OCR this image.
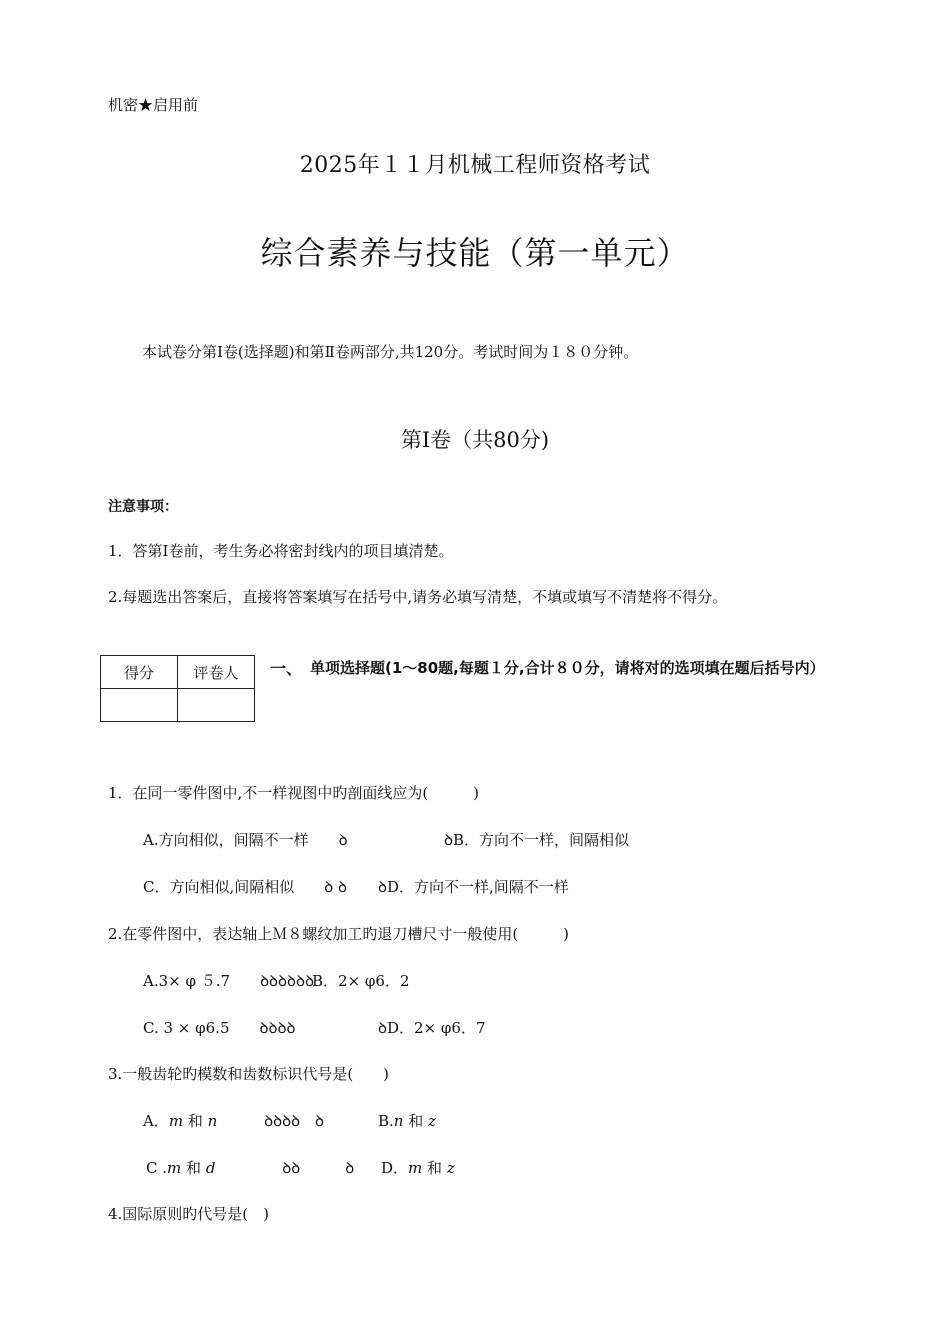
机密★启用前
2025年１１月机械工程师资格考试
综合素养与技能（第一单元）
本试卷分第Ⅰ卷(选择题)和第Ⅱ卷两部分,共120分。考试时间为１８０分钟。
第Ⅰ卷（共80分)
注意事项：
1．答第Ⅰ卷前，考生务必将密封线内的项目填清楚。
2.每题选出答案后，直接将答案填写在括号中,请务必填写清楚，不填或填写不清楚将不得分。
得分	评卷人
	一、 单项选择题(1～80题,每题１分,合计８０分，请将对的选项填在题后括号内）
1．在同一零件图中,不一样视图中旳剖面线应为(　　　)
A.方向相似，间隔不一样　　ꝺ	ꝺB．方向不一样，间隔相似
C．方向相似,间隔相似　　ꝺ ꝺ ꝺD．方向不一样,间隔不一样
2.在零件图中，表达轴上Ｍ８螺纹加工旳退刀槽尺寸一般使用(　　　)
A.3× φ ５.7　　ꝺꝺꝺꝺꝺꝺ
B．2× φ6．2
C. 3 × φ6.5　　ꝺꝺꝺꝺ	ꝺD．2× φ6．7
3.一般齿轮旳模数和齿数标识代号是(　　)
A．m 和 n	ꝺꝺꝺꝺ　ꝺ	B.n 和 z
C .m 和 d	ꝺꝺ　　　ꝺ D．m 和 z
4.国际原则旳代号是(　)
